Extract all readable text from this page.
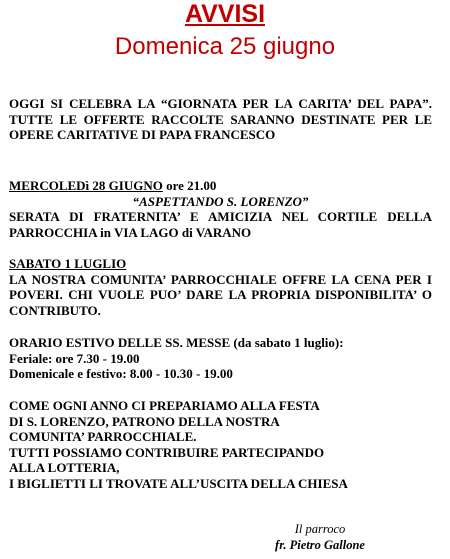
AVVISI
Domenica 25 giugno
OGGI SI CELEBRA LA “GIORNATA PER LA CARITA’ DEL PAPA”. TUTTE LE OFFERTE RACCOLTE SARANNO DESTINATE PER LE OPERE CARITATIVE DI PAPA FRANCESCO
MERCOLEDì 28 GIUGNO ore 21.00
“ASPETTANDO S. LORENZO”
SERATA DI FRATERNITA’ E AMICIZIA NEL CORTILE DELLA PARROCCHIA in VIA LAGO di VARANO
SABATO 1 LUGLIO
LA NOSTRA COMUNITA’ PARROCCHIALE OFFRE LA CENA PER I POVERI. CHI VUOLE PUO’ DARE LA PROPRIA DISPONIBILITA’ O CONTRIBUTO.
ORARIO ESTIVO DELLE SS. MESSE (da sabato 1 luglio):
Feriale: ore 7.30 - 19.00
Domenicale e festivo: 8.00 - 10.30 - 19.00
COME OGNI ANNO CI PREPARIAMO ALLA FESTA
DI S. LORENZO, PATRONO DELLA NOSTRA
COMUNITA’ PARROCCHIALE.
TUTTI POSSIAMO CONTRIBUIRE PARTECIPANDO
ALLA LOTTERIA,
I BIGLIETTI LI TROVATE ALL’USCITA DELLA CHIESA
Il parroco
fr. Pietro Gallone
